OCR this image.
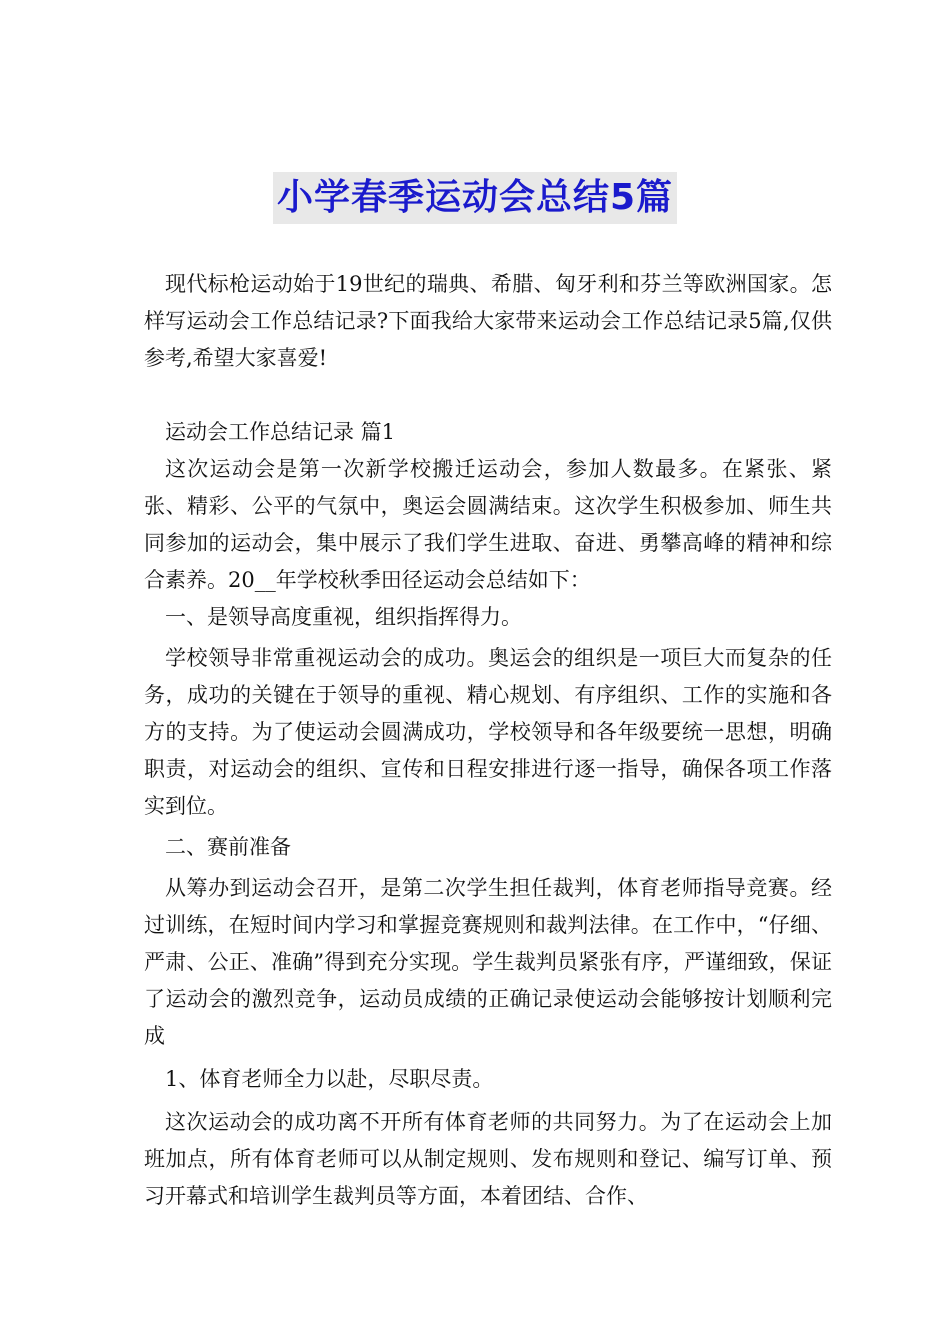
小学春季运动会总结5篇

现代标枪运动始于19世纪的瑞典、希腊、匈牙利和芬兰等欧洲国家。怎样写运动会工作总结记录?下面我给大家带来运动会工作总结记录5篇,仅供参考,希望大家喜爱!

运动会工作总结记录 篇1

这次运动会是第一次新学校搬迁运动会，参加人数最多。在紧张、紧张、精彩、公平的气氛中，奥运会圆满结束。这次学生积极参加、师生共同参加的运动会，集中展示了我们学生进取、奋进、勇攀高峰的精神和综合素养。20__年学校秋季田径运动会总结如下：

一、是领导高度重视，组织指挥得力。

学校领导非常重视运动会的成功。奥运会的组织是一项巨大而复杂的任务，成功的关键在于领导的重视、精心规划、有序组织、工作的实施和各方的支持。为了使运动会圆满成功，学校领导和各年级要统一思想，明确职责，对运动会的组织、宣传和日程安排进行逐一指导，确保各项工作落实到位。

二、赛前准备

从筹办到运动会召开，是第二次学生担任裁判，体育老师指导竞赛。经过训练，在短时间内学习和掌握竞赛规则和裁判法律。在工作中，“仔细、严肃、公正、准确”得到充分实现。学生裁判员紧张有序，严谨细致，保证了运动会的激烈竞争，运动员成绩的正确记录使运动会能够按计划顺利完成

1、体育老师全力以赴，尽职尽责。

这次运动会的成功离不开所有体育老师的共同努力。为了在运动会上加班加点，所有体育老师可以从制定规则、发布规则和登记、编写订单、预习开幕式和培训学生裁判员等方面，本着团结、合作、
